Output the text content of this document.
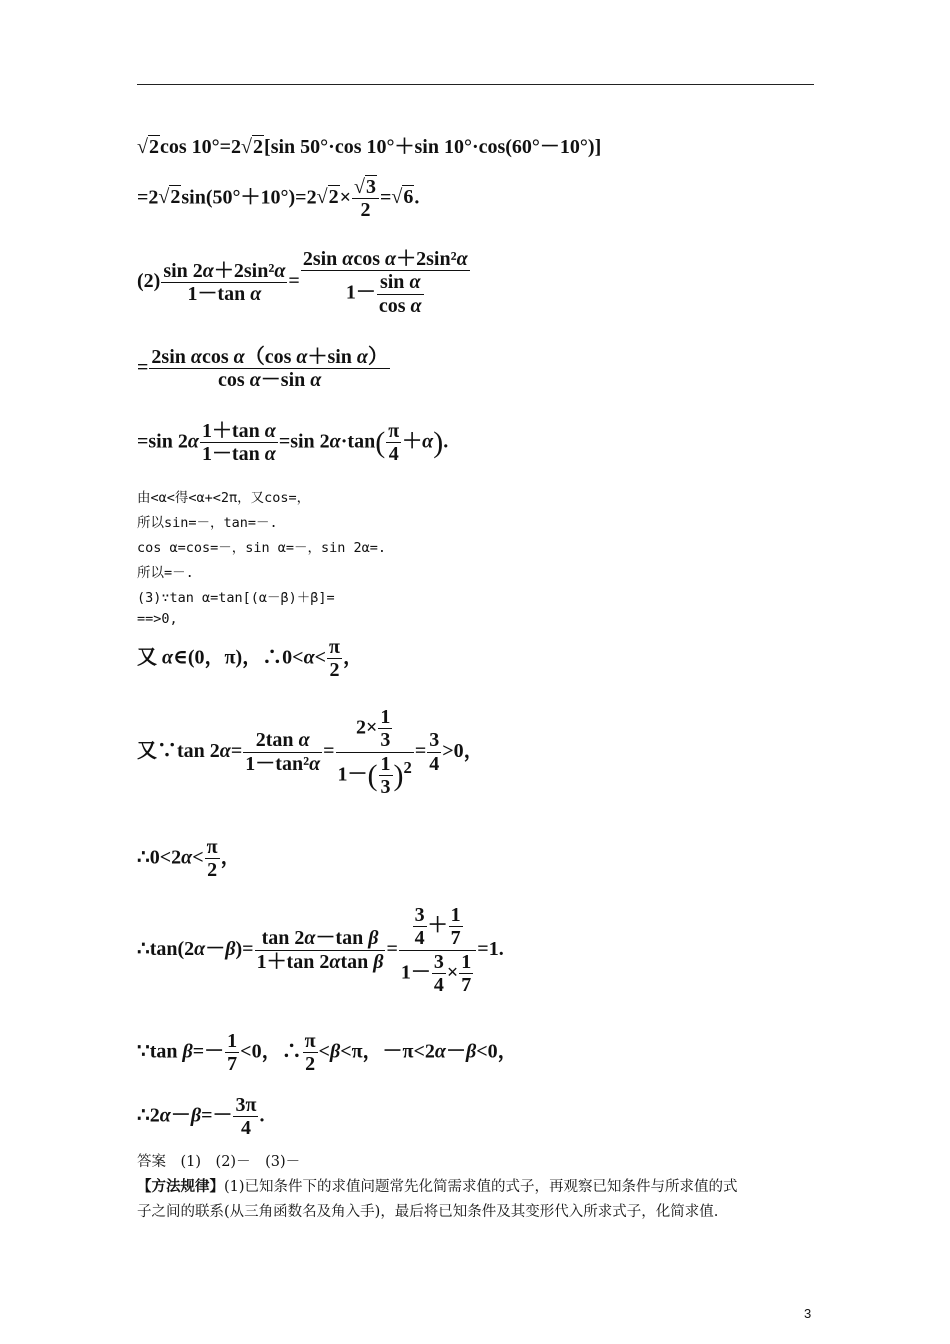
√2cos 10°=2√2[sin 50°·cos 10°＋sin 10°·cos(60°－10°)]
$=2√2\sin(50^\circ+10^\circ)=2√2\times \frac{√3}{2} =√6$.
$(2) \frac{\text{sin 2α＋2sin²α}}{\text{1－tan α}} = \frac{\text{2sin αcos α＋2sin²α}}{1- \frac{\text{sin α}}{\text{cos α}}}$
= $\frac{\text{2sin αcos α（cos α＋sin α）}}{\text{cos α－sin α}}$
=sin $2\alpha \frac{\text{1＋tan α}}{\text{1－tan α}} =\sin$ $2\alpha\cdot\tan( \frac{\pi}{4} +\alpha)$.
由<α<得<α+<2π，又cos=，
所以sin=－，tan=－.
cos α=cos=－，sin α=－，sin 2α=.
所以=－.
(3)∵tan α=tan[(α－β)＋β]=
==>0,
又 α∈(0，π)，∴0<α< $\frac{\pi}{2}$ ，
又∵tan $2\alpha= \frac{\text{2tan α}}{\text{1－tan²α}} = \frac{2\times \frac{1}{3}}{1-( \frac{1}{3} )^2} = \frac{3}{4} >0$，
∴0<2α< $\frac{\pi}{2}$ ，
∴tan(2α－β)= $\frac{\text{tan 2α－tan β}}{\text{1＋tan 2αtan β}} = \frac{\frac{3}{4} + \frac{1}{7}}{1- \frac{3}{4} \times \frac{1}{7}} =1$.
∵tan $\beta=- \frac{1}{7} <0$，∴ $\frac{\pi}{2} <\beta<\pi$，－π<2α－β<0，
∴2α－β=－ $\frac{3\pi}{4}$ .
答案　(1)　(2)－　(3)－
【方法规律】(1)已知条件下的求值问题常先化简需求值的式子，再观察已知条件与所求值的式
子之间的联系(从三角函数名及角入手)，最后将已知条件及其变形代入所求式子，化简求值.
3
